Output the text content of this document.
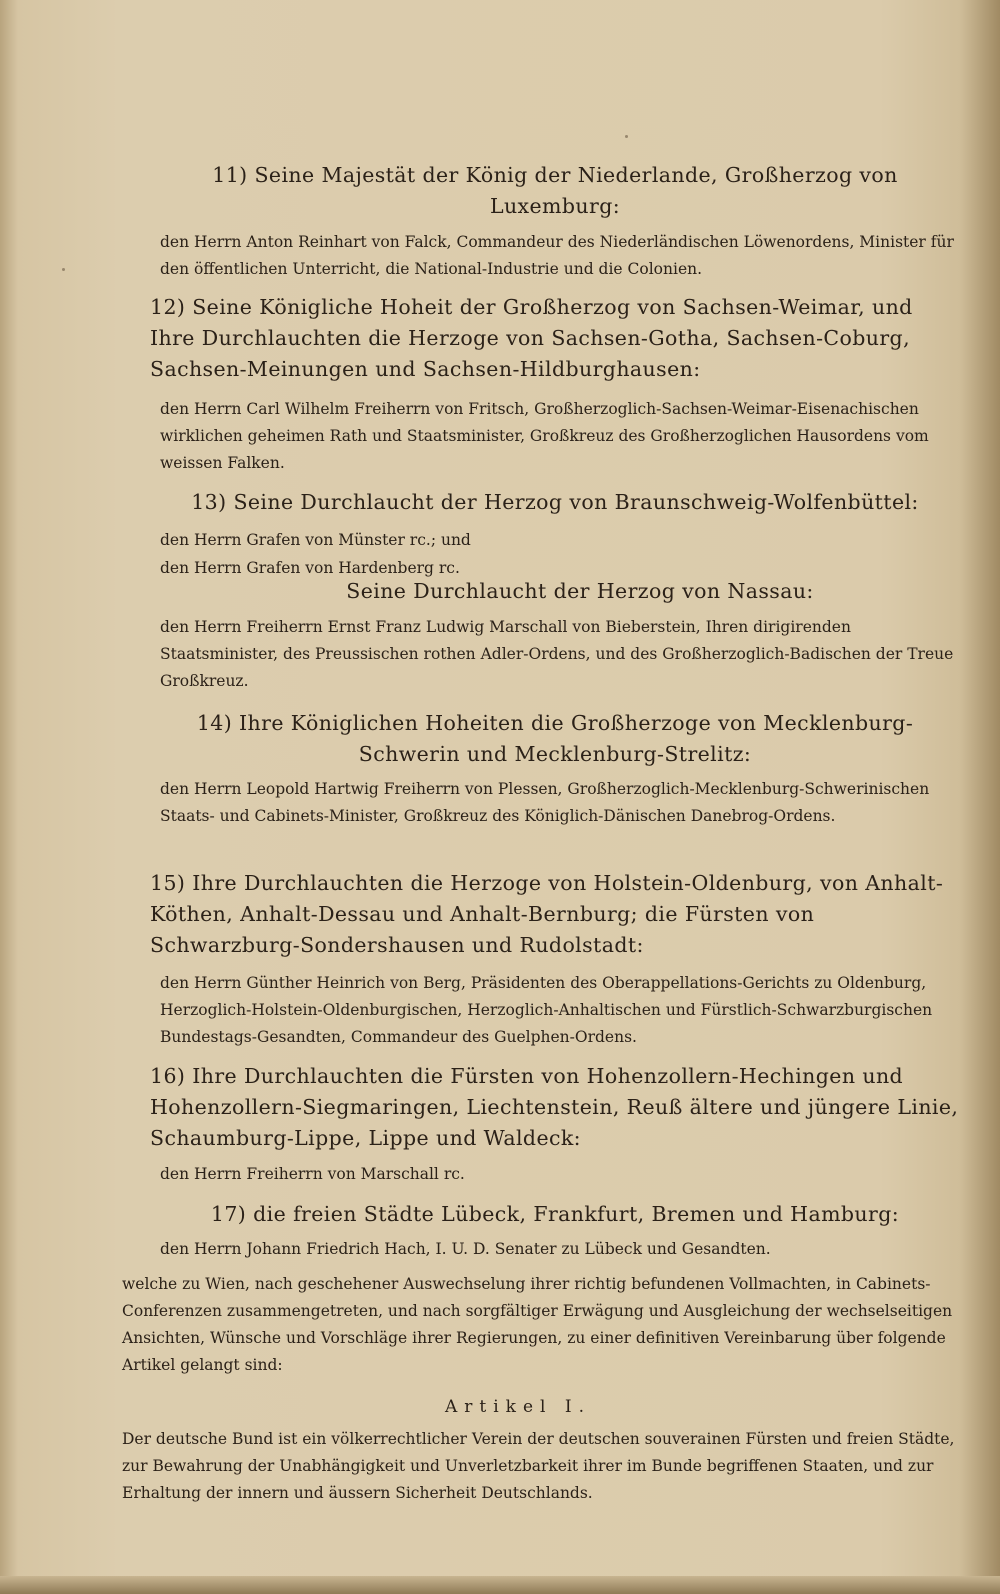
11) Seine Majestät der König der Niederlande, Großherzog von Luxemburg:
den Herrn Anton Reinhart von Falck, Commandeur des Niederländischen Löwenordens, Minister für den öffentlichen Unterricht, die National-Industrie und die Colonien.
12) Seine Königliche Hoheit der Großherzog von Sachsen-Weimar, und Ihre Durchlauchten die Herzoge von Sachsen-Gotha, Sachsen-Coburg, Sachsen-Meinungen und Sachsen-Hildburghausen:
den Herrn Carl Wilhelm Freiherrn von Fritsch, Großherzoglich-Sachsen-Weimar-Eisenachischen wirklichen geheimen Rath und Staatsminister, Großkreuz des Großherzoglichen Hausordens vom weissen Falken.
13) Seine Durchlaucht der Herzog von Braunschweig-Wolfenbüttel:
den Herrn Grafen von Münster rc.; und
den Herrn Grafen von Hardenberg rc.
Seine Durchlaucht der Herzog von Nassau:
den Herrn Freiherrn Ernst Franz Ludwig Marschall von Bieberstein, Ihren dirigirenden Staatsminister, des Preussischen rothen Adler-Ordens, und des Großherzoglich-Badischen der Treue Großkreuz.
14) Ihre Königlichen Hoheiten die Großherzoge von Mecklenburg-Schwerin und Mecklenburg-Strelitz:
den Herrn Leopold Hartwig Freiherrn von Plessen, Großherzoglich-Mecklenburg-Schwerinischen Staats- und Cabinets-Minister, Großkreuz des Königlich-Dänischen Danebrog-Ordens.
15) Ihre Durchlauchten die Herzoge von Holstein-Oldenburg, von Anhalt-Köthen, Anhalt-Dessau und Anhalt-Bernburg; die Fürsten von Schwarzburg-Sondershausen und Rudolstadt:
den Herrn Günther Heinrich von Berg, Präsidenten des Oberappellations-Gerichts zu Oldenburg, Herzoglich-Holstein-Oldenburgischen, Herzoglich-Anhaltischen und Fürstlich-Schwarzburgischen Bundestags-Gesandten, Commandeur des Guelphen-Ordens.
16) Ihre Durchlauchten die Fürsten von Hohenzollern-Hechingen und Hohenzollern-Siegmaringen, Liechtenstein, Reuß ältere und jüngere Linie, Schaumburg-Lippe, Lippe und Waldeck:
den Herrn Freiherrn von Marschall rc.
17) die freien Städte Lübeck, Frankfurt, Bremen und Hamburg:
den Herrn Johann Friedrich Hach, I. U. D. Senater zu Lübeck und Gesandten.
welche zu Wien, nach geschehener Auswechselung ihrer richtig befundenen Vollmachten, in Cabinets-Conferenzen zusammengetreten, und nach sorgfältiger Erwägung und Ausgleichung der wechselseitigen Ansichten, Wünsche und Vorschläge ihrer Regierungen, zu einer definitiven Vereinbarung über folgende Artikel gelangt sind:
Artikel I.
Der deutsche Bund ist ein völkerrechtlicher Verein der deutschen souverainen Fürsten und freien Städte, zur Bewahrung der Unabhängigkeit und Unverletzbarkeit ihrer im Bunde begriffenen Staaten, und zur Erhaltung der innern und äussern Sicherheit Deutschlands.
